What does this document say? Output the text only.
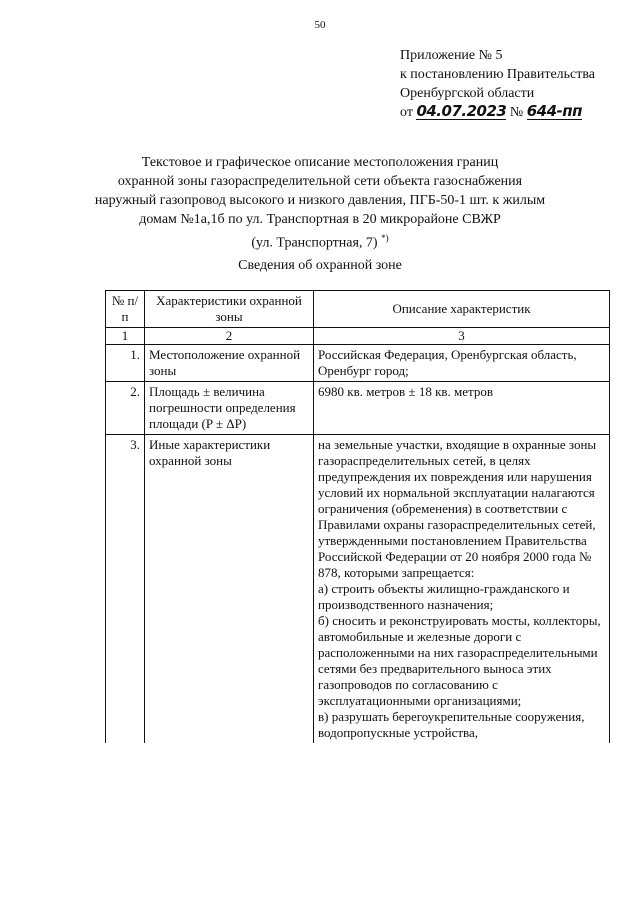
50
Приложение № 5
к постановлению Правительства
Оренбургской области
от 04.07.2023 № 644-пп
Текстовое и графическое описание местоположения границ
охранной зоны газораспределительной сети объекта газоснабжения
наружный газопровод высокого и низкого давления, ПГБ-50-1 шт. к жилым
домам №1а,1б по ул. Транспортная в 20 микрорайоне СВЖР
(ул. Транспортная, 7) *)
Сведения об охранной зоне
№ п/п	Характеристики охранной зоны	Описание характеристик
1	2	3
1.	Местоположение охранной зоны	Российская Федерация, Оренбургская область, Оренбург город;
2.	Площадь ± величина погрешности определения площади (P ± ΔP)	6980 кв. метров ± 18 кв. метров
3.	Иные характеристики охранной зоны	на земельные участки, входящие в охранные зоны газораспределительных сетей, в целях предупреждения их повреждения или нарушения условий их нормальной эксплуатации налагаются ограничения (обременения) в соответствии с Правилами охраны газораспределительных сетей, утвержденными постановлением Правительства Российской Федерации от 20 ноября 2000 года № 878, которыми запрещается:

а) строить объекты жилищно-гражданского и производственного назначения;

б) сносить и реконструировать мосты, коллекторы, автомобильные и железные дороги с расположенными на них газораспределительными сетями без предварительного выноса этих газопроводов по согласованию с эксплуатационными организациями;

в) разрушать берегоукрепительные сооружения, водопропускные устройства,
